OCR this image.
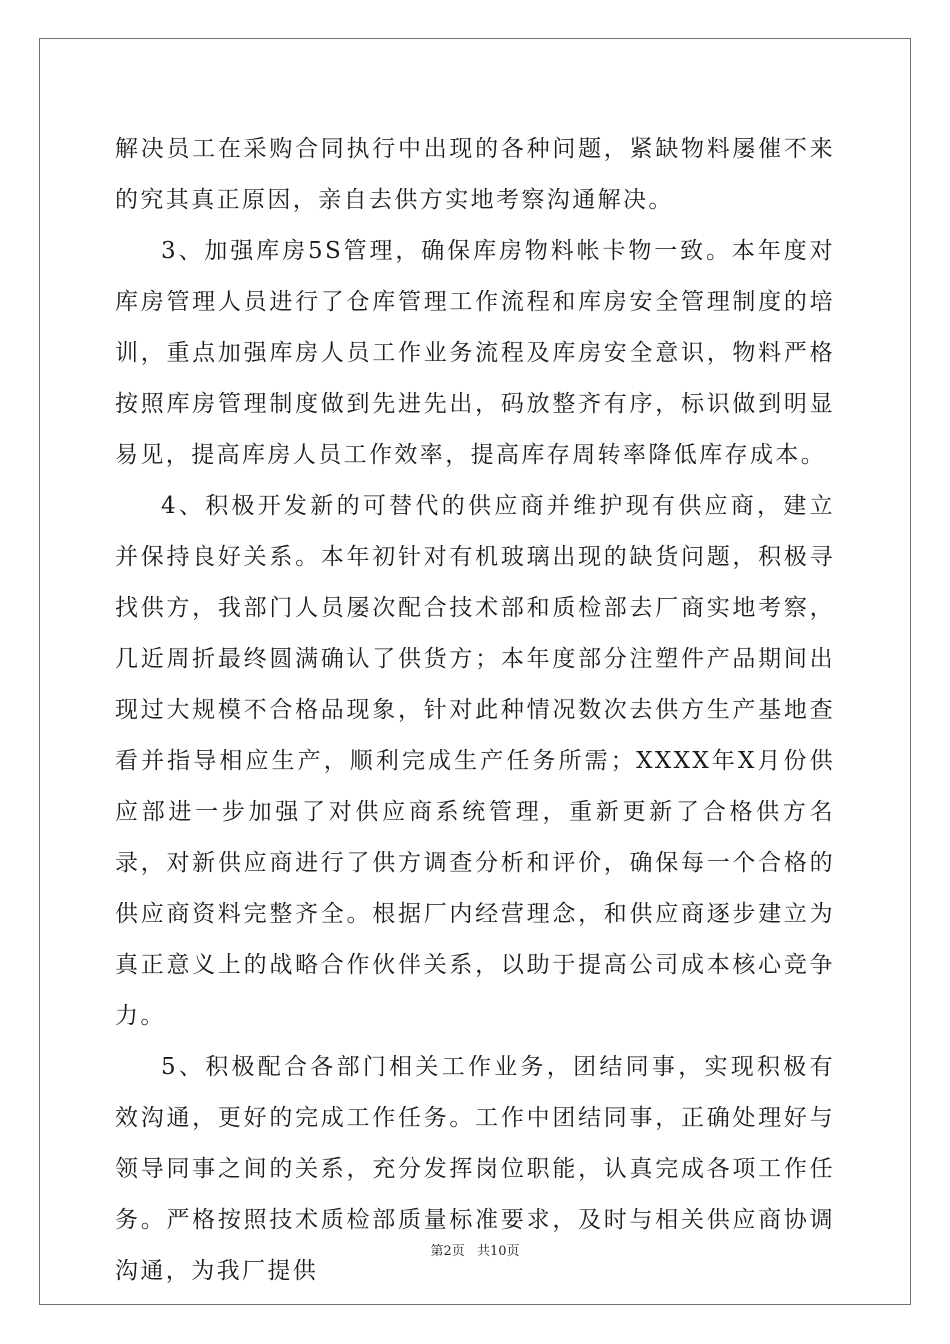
解决员工在采购合同执行中出现的各种问题，紧缺物料屡催不来的究其真正原因，亲自去供方实地考察沟通解决。

3、加强库房5S管理，确保库房物料帐卡物一致。本年度对库房管理人员进行了仓库管理工作流程和库房安全管理制度的培训，重点加强库房人员工作业务流程及库房安全意识，物料严格按照库房管理制度做到先进先出，码放整齐有序，标识做到明显易见，提高库房人员工作效率，提高库存周转率降低库存成本。

4、积极开发新的可替代的供应商并维护现有供应商，建立并保持良好关系。本年初针对有机玻璃出现的缺货问题，积极寻找供方，我部门人员屡次配合技术部和质检部去厂商实地考察，几近周折最终圆满确认了供货方；本年度部分注塑件产品期间出现过大规模不合格品现象，针对此种情况数次去供方生产基地查看并指导相应生产，顺利完成生产任务所需；XXXX年X月份供应部进一步加强了对供应商系统管理，重新更新了合格供方名录，对新供应商进行了供方调查分析和评价，确保每一个合格的供应商资料完整齐全。根据厂内经营理念，和供应商逐步建立为真正意义上的战略合作伙伴关系，以助于提高公司成本核心竞争力。

5、积极配合各部门相关工作业务，团结同事，实现积极有效沟通，更好的完成工作任务。工作中团结同事，正确处理好与领导同事之间的关系，充分发挥岗位职能，认真完成各项工作任务。严格按照技术质检部质量标准要求，及时与相关供应商协调沟通，为我厂提供

第2页 共10页
